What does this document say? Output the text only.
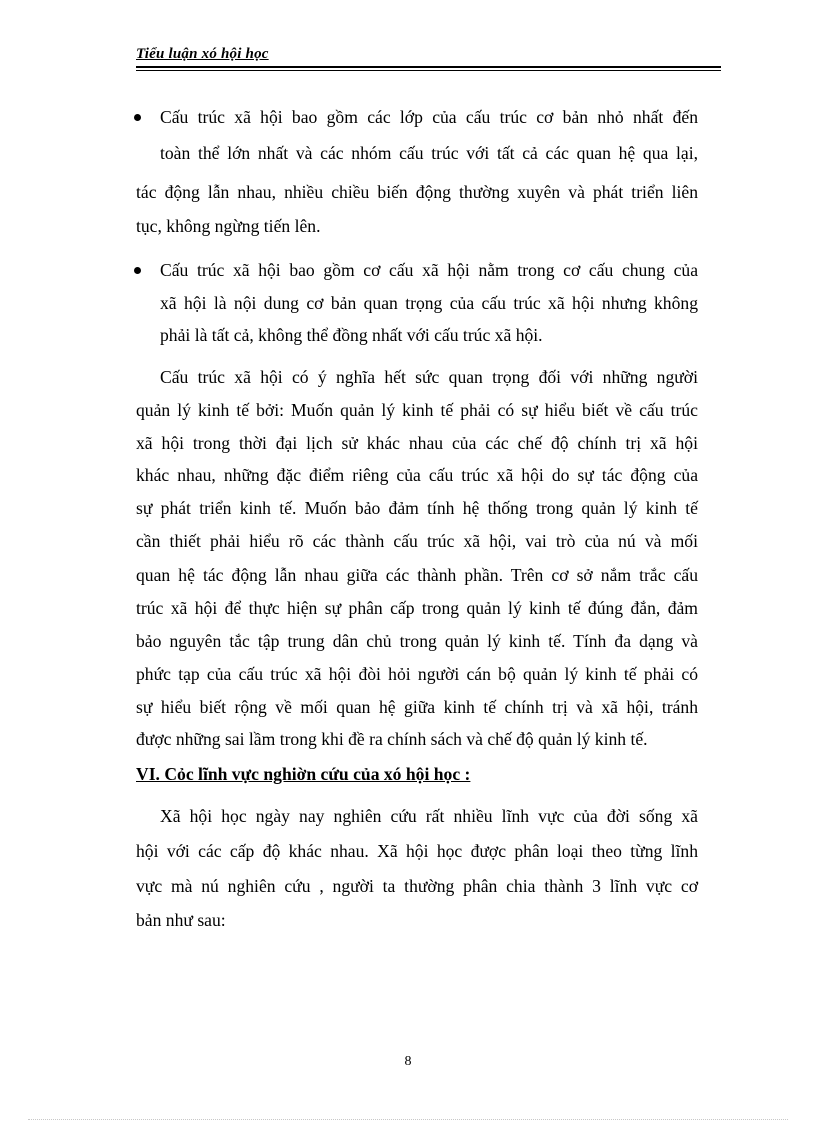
Tiểu luận xó hội học
Cấu trúc xã hội bao gồm các lớp của cấu trúc cơ bản nhỏ nhất đến
toàn thể lớn nhất và các nhóm cấu trúc với tất cả các quan hệ qua lại,
tác động lẫn nhau, nhiều chiều biến động thường xuyên và phát triển liên
tục, không ngừng tiến lên.
Cấu trúc xã hội bao gồm cơ cấu xã hội nằm trong cơ cấu chung của
xã hội là nội dung cơ bản quan trọng của cấu trúc xã hội nhưng không
phải là tất cả, không thể đồng nhất với cấu trúc xã hội.
Cấu trúc xã hội có ý nghĩa hết sức quan trọng đối với những người
quản lý kinh tế bởi: Muốn quản lý kinh tế phải có sự hiểu biết về cấu trúc
xã hội trong thời đại lịch sử khác nhau của các chế độ chính trị xã hội
khác nhau, những đặc điểm riêng của cấu trúc xã hội do sự tác động của
sự phát triển kinh tế. Muốn bảo đảm tính hệ thống trong quản lý kinh tế
cần thiết phải hiểu rõ các thành cấu trúc xã hội, vai trò của nú và mối
quan hệ tác động lẫn nhau giữa các thành phần. Trên cơ sở nắm trắc cấu
trúc xã hội để thực hiện sự phân cấp trong quản lý kinh tế đúng đắn, đảm
bảo nguyên tắc tập trung dân chủ trong quản lý kinh tế. Tính đa dạng và
phức tạp của cấu trúc xã hội đòi hỏi người cán bộ quản lý kinh tế phải có
sự hiểu biết rộng về mối quan hệ giữa kinh tế chính trị và xã hội, tránh
được những sai lầm trong khi đề ra chính sách và chế độ quản lý kinh tế.
VI. Cỏc lĩnh vực nghiờn cứu của xó hội học :
Xã hội học ngày nay nghiên cứu rất nhiều lĩnh vực của đời sống xã
hội với các cấp độ khác nhau. Xã hội học được phân loại theo từng lĩnh
vực mà nú nghiên cứu , người ta thường phân chia thành 3 lĩnh vực cơ
bản như sau:
8
